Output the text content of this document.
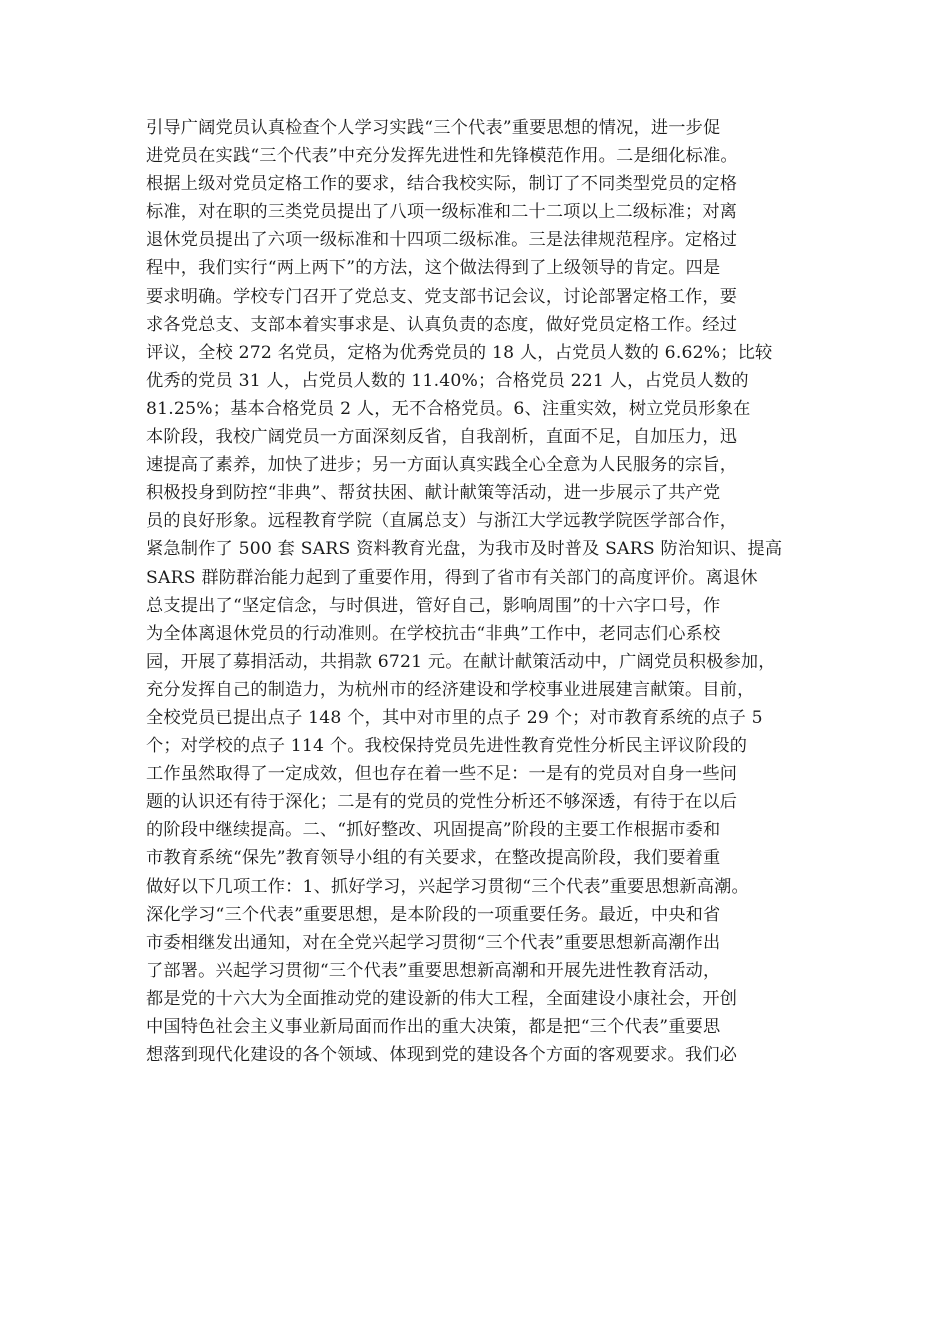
引导广阔党员认真检查个人学习实践“三个代表”重要思想的情况，进一步促
进党员在实践“三个代表”中充分发挥先进性和先锋模范作用。二是细化标准。
根据上级对党员定格工作的要求，结合我校实际，制订了不同类型党员的定格
标准，对在职的三类党员提出了八项一级标准和二十二项以上二级标准；对离
退休党员提出了六项一级标准和十四项二级标准。三是法律规范程序。定格过
程中，我们实行“两上两下”的方法，这个做法得到了上级领导的肯定。四是
要求明确。学校专门召开了党总支、党支部书记会议，讨论部署定格工作，要
求各党总支、支部本着实事求是、认真负责的态度，做好党员定格工作。经过
评议，全校 272 名党员，定格为优秀党员的 18 人，占党员人数的 6.62%；比较
优秀的党员 31 人，占党员人数的 11.40%；合格党员 221 人，占党员人数的
81.25%；基本合格党员 2 人，无不合格党员。6、注重实效，树立党员形象在
本阶段，我校广阔党员一方面深刻反省，自我剖析，直面不足，自加压力，迅
速提高了素养，加快了进步；另一方面认真实践全心全意为人民服务的宗旨，
积极投身到防控“非典”、帮贫扶困、献计献策等活动，进一步展示了共产党
员的良好形象。远程教育学院（直属总支）与浙江大学远教学院医学部合作，
紧急制作了 500 套 SARS 资料教育光盘，为我市及时普及 SARS 防治知识、提高
SARS 群防群治能力起到了重要作用，得到了省市有关部门的高度评价。离退休
总支提出了“坚定信念，与时俱进，管好自己，影响周围”的十六字口号，作
为全体离退休党员的行动准则。在学校抗击“非典”工作中，老同志们心系校
园，开展了募捐活动，共捐款 6721 元。在献计献策活动中，广阔党员积极参加，
充分发挥自己的制造力，为杭州市的经济建设和学校事业进展建言献策。目前，
全校党员已提出点子 148 个，其中对市里的点子 29 个；对市教育系统的点子 5
个；对学校的点子 114 个。我校保持党员先进性教育党性分析民主评议阶段的
工作虽然取得了一定成效，但也存在着一些不足：一是有的党员对自身一些问
题的认识还有待于深化；二是有的党员的党性分析还不够深透，有待于在以后
的阶段中继续提高。二、“抓好整改、巩固提高”阶段的主要工作根据市委和
市教育系统“保先”教育领导小组的有关要求，在整改提高阶段，我们要着重
做好以下几项工作：1、抓好学习，兴起学习贯彻“三个代表”重要思想新高潮。
深化学习“三个代表”重要思想，是本阶段的一项重要任务。最近，中央和省
市委相继发出通知，对在全党兴起学习贯彻“三个代表”重要思想新高潮作出
了部署。兴起学习贯彻“三个代表”重要思想新高潮和开展先进性教育活动，
都是党的十六大为全面推动党的建设新的伟大工程，全面建设小康社会，开创
中国特色社会主义事业新局面而作出的重大决策，都是把“三个代表”重要思
想落到现代化建设的各个领域、体现到党的建设各个方面的客观要求。我们必
